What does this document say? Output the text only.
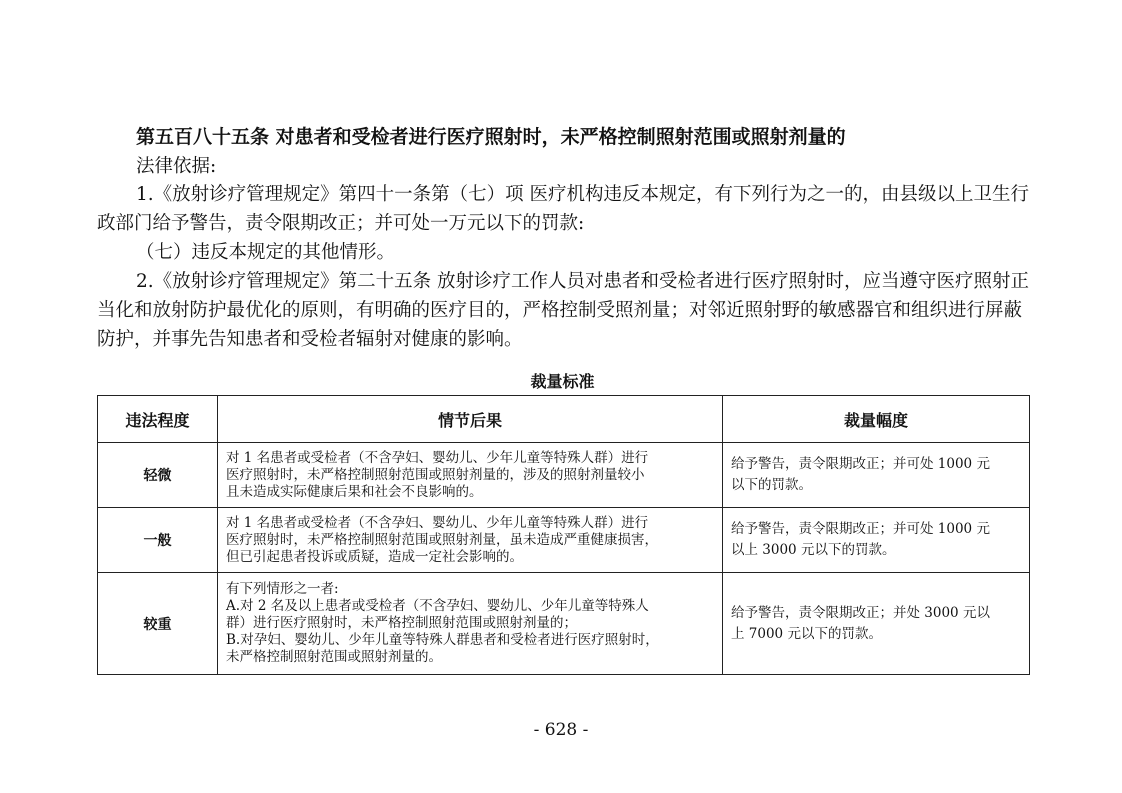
第五百八十五条 对患者和受检者进行医疗照射时，未严格控制照射范围或照射剂量的

法律依据:

1.《放射诊疗管理规定》第四十一条第（七）项 医疗机构违反本规定，有下列行为之一的，由县级以上卫生行政部门给予警告，责令限期改正；并可处一万元以下的罚款:

（七）违反本规定的其他情形。

2.《放射诊疗管理规定》第二十五条 放射诊疗工作人员对患者和受检者进行医疗照射时，应当遵守医疗照射正当化和放射防护最优化的原则，有明确的医疗目的，严格控制受照剂量；对邻近照射野的敏感器官和组织进行屏蔽防护，并事先告知患者和受检者辐射对健康的影响。

裁量标准

违法程度	情节后果	裁量幅度
轻微	对 1 名患者或受检者（不含孕妇、婴幼儿、少年儿童等特殊人群）进行
医疗照射时，未严格控制照射范围或照射剂量的，涉及的照射剂量较小
且未造成实际健康后果和社会不良影响的。	给予警告，责令限期改正；并可处 1000 元
以下的罚款。

一般	对 1 名患者或受检者（不含孕妇、婴幼儿、少年儿童等特殊人群）进行
医疗照射时，未严格控制照射范围或照射剂量，虽未造成严重健康损害，
但已引起患者投诉或质疑，造成一定社会影响的。	给予警告，责令限期改正；并可处 1000 元
以上 3000 元以下的罚款。

较重	有下列情形之一者:
A.对 2 名及以上患者或受检者（不含孕妇、婴幼儿、少年儿童等特殊人
群）进行医疗照射时，未严格控制照射范围或照射剂量的；
B.对孕妇、婴幼儿、少年儿童等特殊人群患者和受检者进行医疗照射时，
未严格控制照射范围或照射剂量的。	给予警告，责令限期改正；并处 3000 元以
上 7000 元以下的罚款。

- 628 -
